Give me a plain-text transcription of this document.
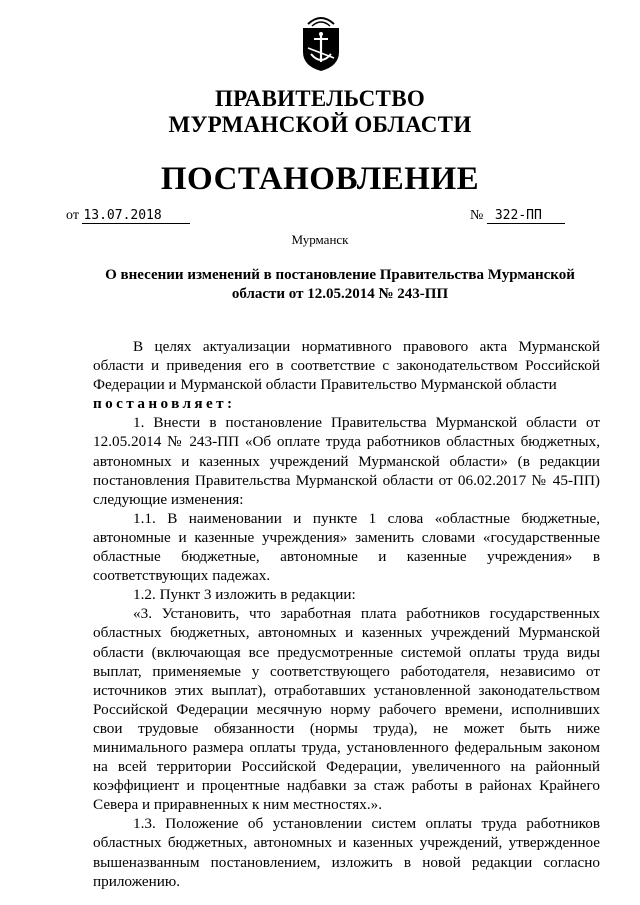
ПРАВИТЕЛЬСТВО
МУРМАНСКОЙ ОБЛАСТИ
ПОСТАНОВЛЕНИЕ
от 13.07.2018	№ 322-ПП
Мурманск
О внесении изменений в постановление Правительства Мурманской
области от 12.05.2014 № 243-ПП

В целях актуализации нормативного правового акта Мурманской области и приведения его в соответствие с законодательством Российской Федерации и Мурманской области Правительство Мурманской области

постановляет:

1. Внести в постановление Правительства Мурманской области от 12.05.2014 № 243-ПП «Об оплате труда работников областных бюджетных, автономных и казенных учреждений Мурманской области» (в редакции постановления Правительства Мурманской области от 06.02.2017 № 45-ПП) следующие изменения:

1.1. В наименовании и пункте 1 слова «областные бюджетные, автономные и казенные учреждения» заменить словами «государственные областные бюджетные, автономные и казенные учреждения» в соответствующих падежах.

1.2. Пункт 3 изложить в редакции:

«3. Установить, что заработная плата работников государственных областных бюджетных, автономных и казенных учреждений Мурманской области (включающая все предусмотренные системой оплаты труда виды выплат, применяемые у соответствующего работодателя, независимо от источников этих выплат), отработавших установленной законодательством Российской Федерации месячную норму рабочего времени, исполнивших свои трудовые обязанности (нормы труда), не может быть ниже минимального размера оплаты труда, установленного федеральным законом на всей территории Российской Федерации, увеличенного на районный коэффициент и процентные надбавки за стаж работы в районах Крайнего Севера и приравненных к ним местностях.».

1.3. Положение об установлении систем оплаты труда работников областных бюджетных, автономных и казенных учреждений, утвержденное вышеназванным постановлением, изложить в новой редакции согласно приложению.
